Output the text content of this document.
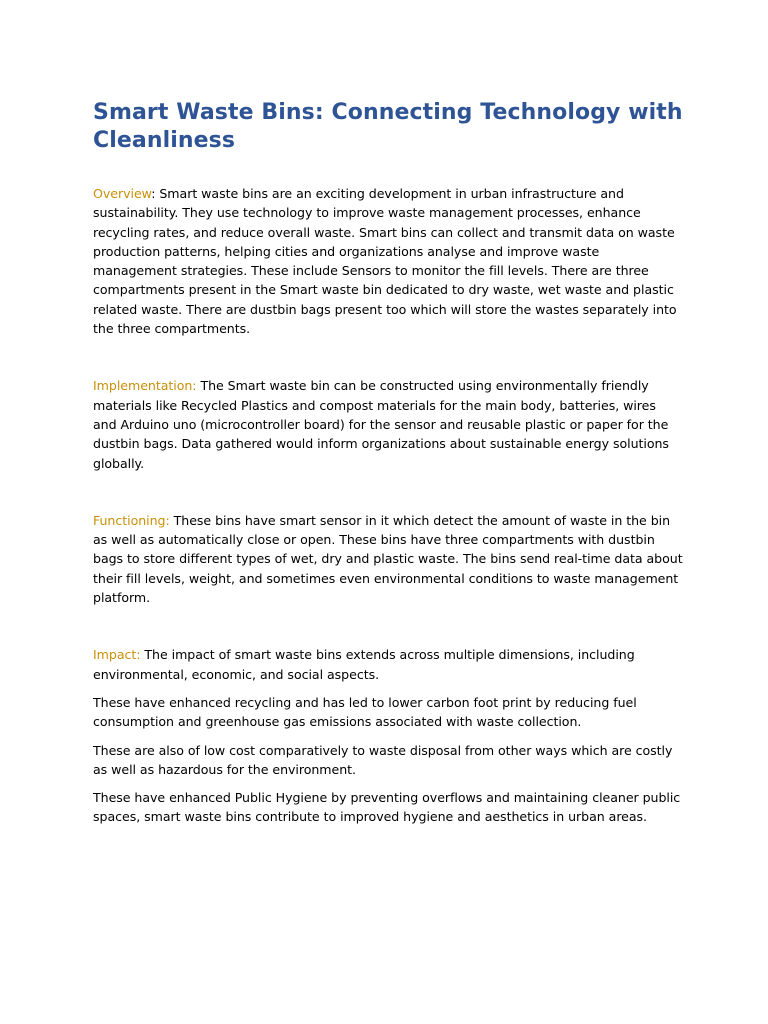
Smart Waste Bins: Connecting Technology with Cleanliness

Overview: Smart waste bins are an exciting development in urban infrastructure and sustainability. They use technology to improve waste management processes, enhance recycling rates, and reduce overall waste. Smart bins can collect and transmit data on waste production patterns, helping cities and organizations analyse and improve waste management strategies. These include Sensors to monitor the fill levels. There are three compartments present in the Smart waste bin dedicated to dry waste, wet waste and plastic related waste. There are dustbin bags present too which will store the wastes separately into the three compartments.

Implementation: The Smart waste bin can be constructed using environmentally friendly materials like Recycled Plastics and compost materials for the main body, batteries, wires and Arduino uno (microcontroller board) for the sensor and reusable plastic or paper for the dustbin bags. Data gathered would inform organizations about sustainable energy solutions globally.

Functioning: These bins have smart sensor in it which detect the amount of waste in the bin as well as automatically close or open. These bins have three compartments with dustbin bags to store different types of wet, dry and plastic waste. The bins send real-time data about their fill levels, weight, and sometimes even environmental conditions to waste management platform.

Impact: The impact of smart waste bins extends across multiple dimensions, including environmental, economic, and social aspects.

These have enhanced recycling and has led to lower carbon foot print by reducing fuel consumption and greenhouse gas emissions associated with waste collection.

These are also of low cost comparatively to waste disposal from other ways which are costly as well as hazardous for the environment.

These have enhanced Public Hygiene by preventing overflows and maintaining cleaner public spaces, smart waste bins contribute to improved hygiene and aesthetics in urban areas.
